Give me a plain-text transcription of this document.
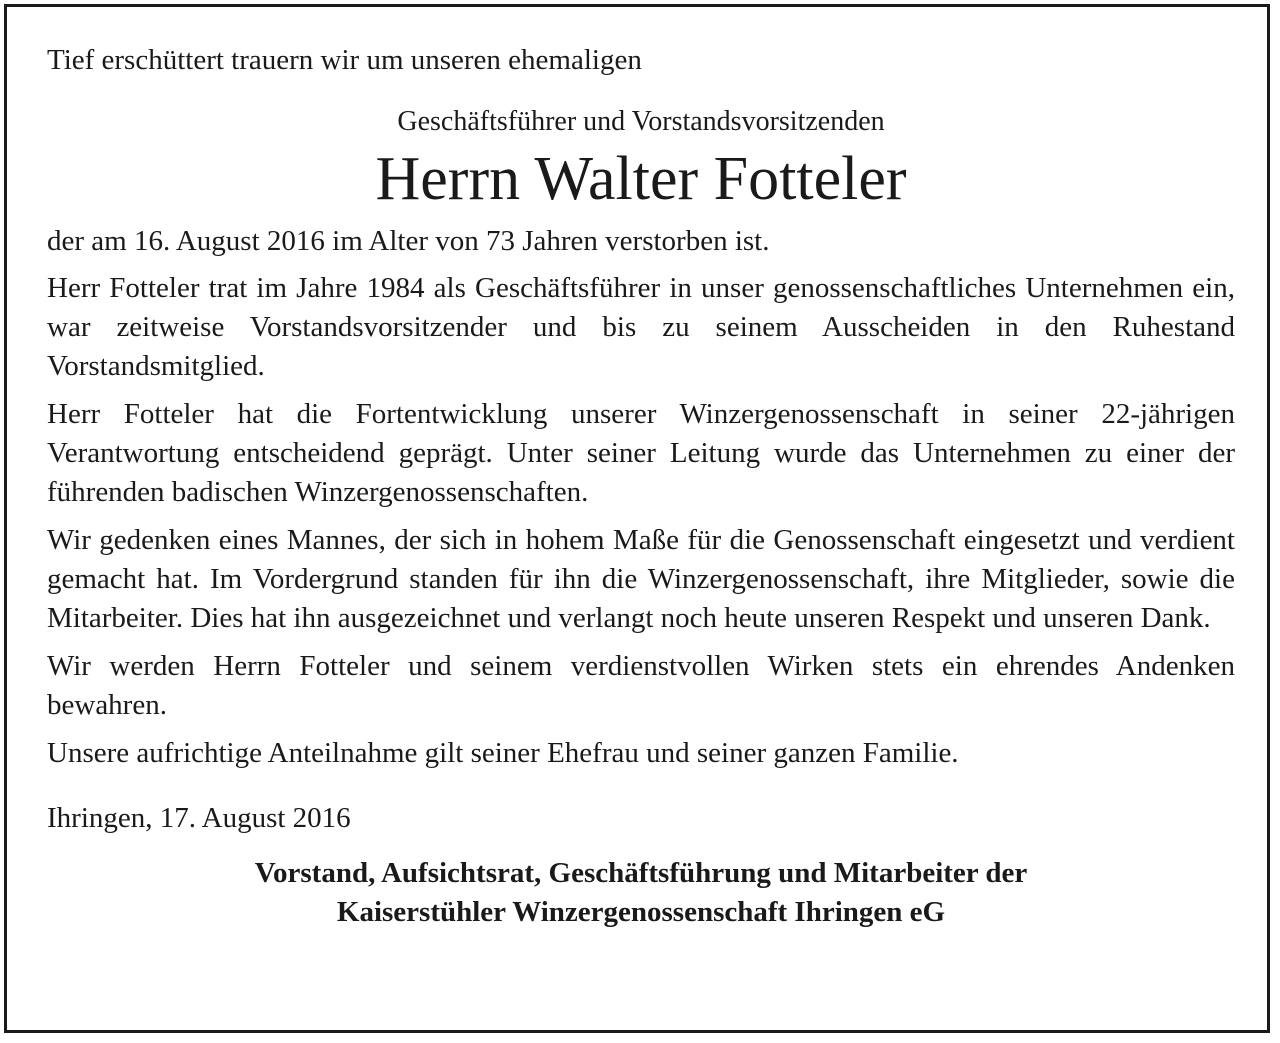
Tief erschüttert trauern wir um unseren ehemaligen

Geschäftsführer und Vorstandsvorsitzenden

Herrn Walter Fotteler

der am 16. August 2016 im Alter von 73 Jahren verstorben ist.

Herr Fotteler trat im Jahre 1984 als Geschäftsführer in unser genossenschaftliches Unternehmen ein, war zeitweise Vorstandsvorsitzender und bis zu seinem Ausscheiden in den Ruhestand Vorstandsmitglied.

Herr Fotteler hat die Fortentwicklung unserer Winzergenossenschaft in seiner 22-jährigen Verantwortung entscheidend geprägt. Unter seiner Leitung wurde das Unternehmen zu einer der führenden badischen Winzergenossenschaften.

Wir gedenken eines Mannes, der sich in hohem Maße für die Genossenschaft eingesetzt und verdient gemacht hat. Im Vordergrund standen für ihn die Winzergenossenschaft, ihre Mitglieder, sowie die Mitarbeiter. Dies hat ihn ausgezeichnet und verlangt noch heute unseren Respekt und unseren Dank.

Wir werden Herrn Fotteler und seinem verdienstvollen Wirken stets ein ehrendes Andenken bewahren.

Unsere aufrichtige Anteilnahme gilt seiner Ehefrau und seiner ganzen Familie.

Ihringen, 17. August 2016

Vorstand, Aufsichtsrat, Geschäftsführung und Mitarbeiter der
Kaiserstühler Winzergenossenschaft Ihringen eG
